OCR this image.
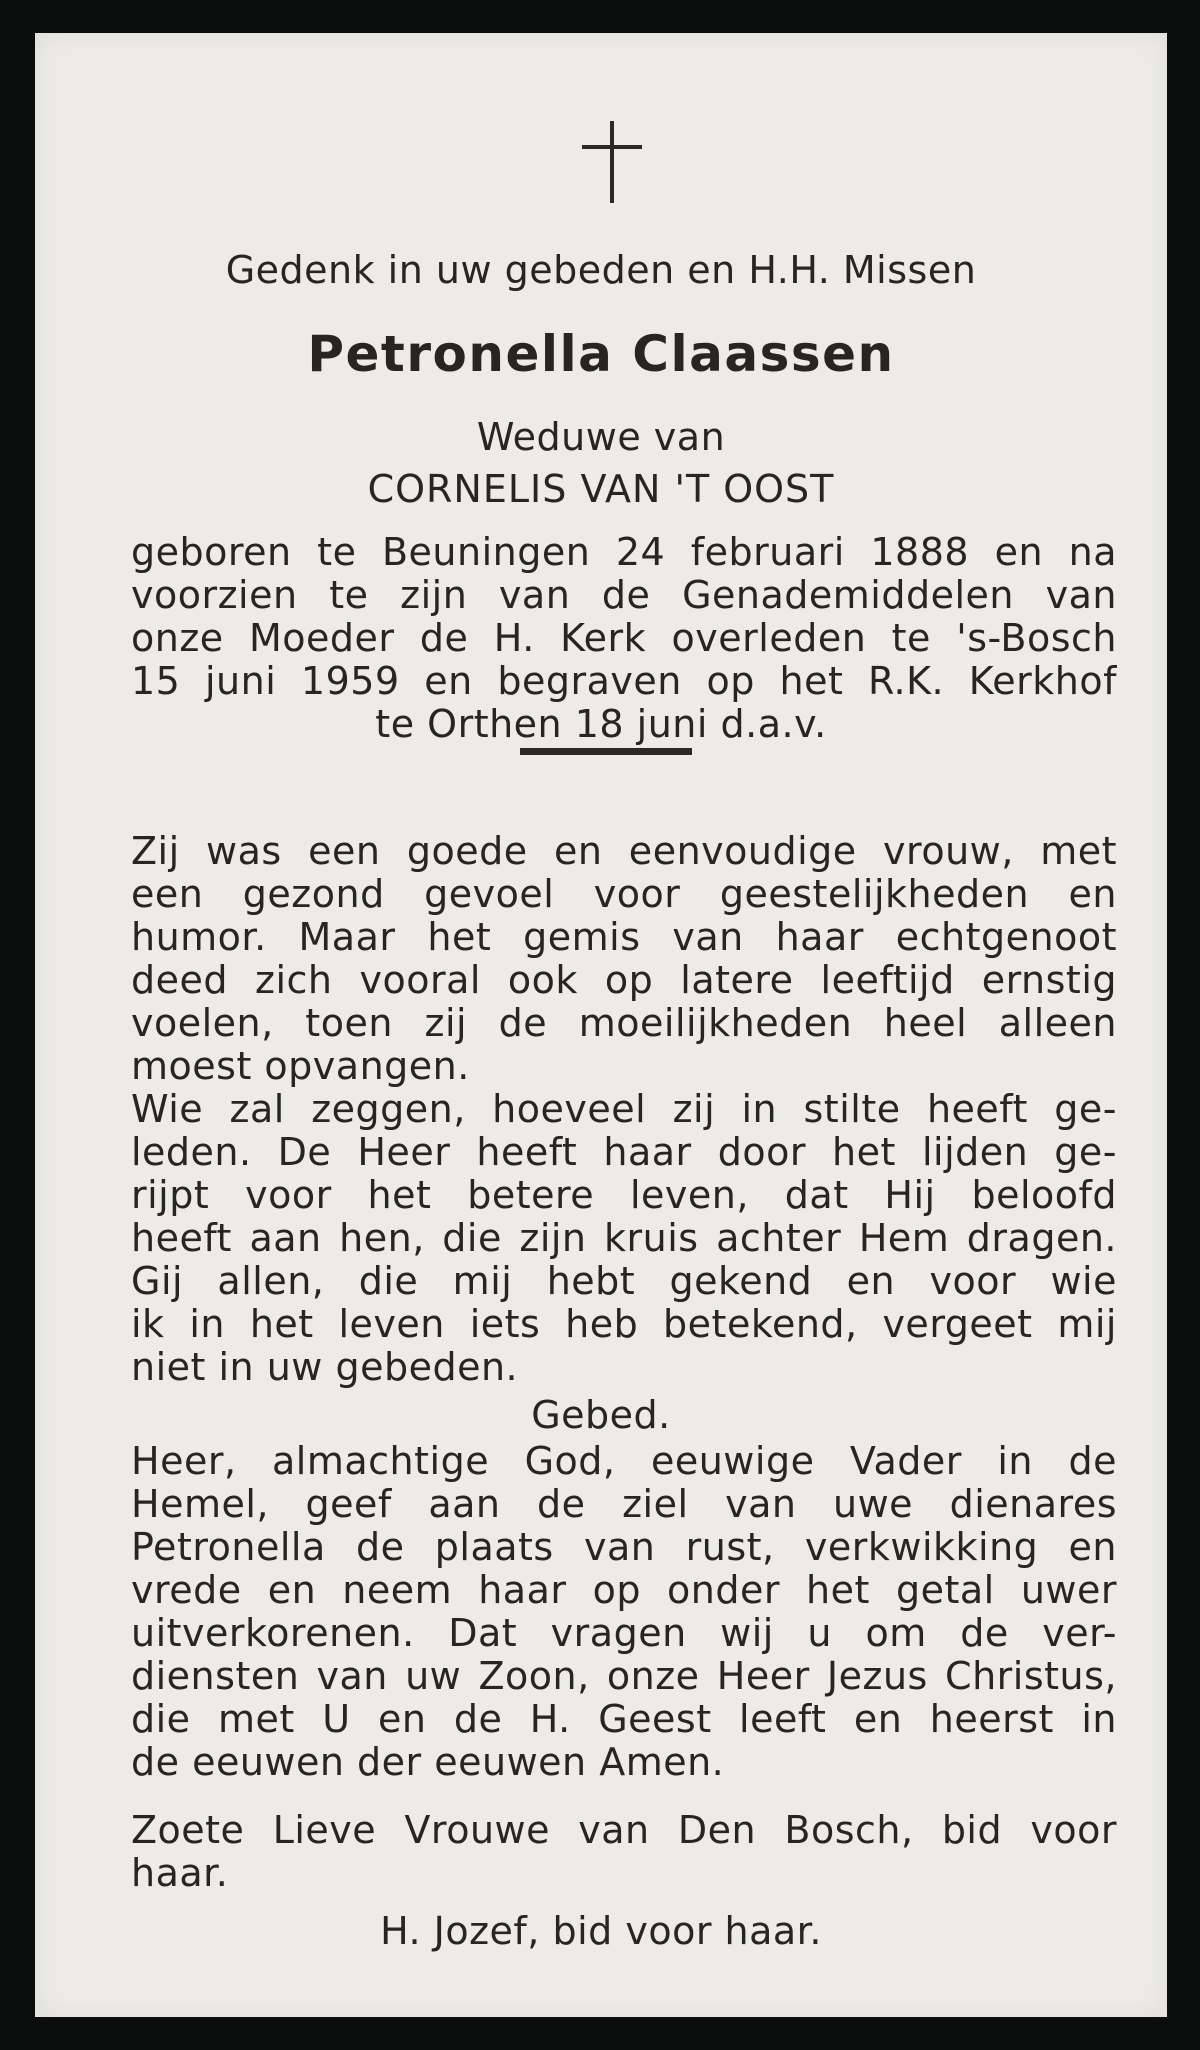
Gedenk in uw gebeden en H.H. Missen
Petronella Claassen
Weduwe van
CORNELIS VAN 'T OOST
geboren te Beuningen 24 februari 1888 en na
voorzien te zijn van de Genademiddelen van
onze Moeder de H. Kerk overleden te 's-Bosch
15 juni 1959 en begraven op het R.K. Kerkhof
te Orthen 18 juni d.a.v.
Zij was een goede en eenvoudige vrouw, met
een gezond gevoel voor geestelijkheden en
humor. Maar het gemis van haar echtgenoot
deed zich vooral ook op latere leeftijd ernstig
voelen, toen zij de moeilijkheden heel alleen
moest opvangen.
Wie zal zeggen, hoeveel zij in stilte heeft ge-
leden. De Heer heeft haar door het lijden ge-
rijpt voor het betere leven, dat Hij beloofd
heeft aan hen, die zijn kruis achter Hem dragen.
Gij allen, die mij hebt gekend en voor wie
ik in het leven iets heb betekend, vergeet mij
niet in uw gebeden.
Gebed.
Heer, almachtige God, eeuwige Vader in de
Hemel, geef aan de ziel van uwe dienares
Petronella de plaats van rust, verkwikking en
vrede en neem haar op onder het getal uwer
uitverkorenen. Dat vragen wij u om de ver-
diensten van uw Zoon, onze Heer Jezus Christus,
die met U en de H. Geest leeft en heerst in
de eeuwen der eeuwen Amen.
Zoete Lieve Vrouwe van Den Bosch, bid voor
haar.
H. Jozef, bid voor haar.
